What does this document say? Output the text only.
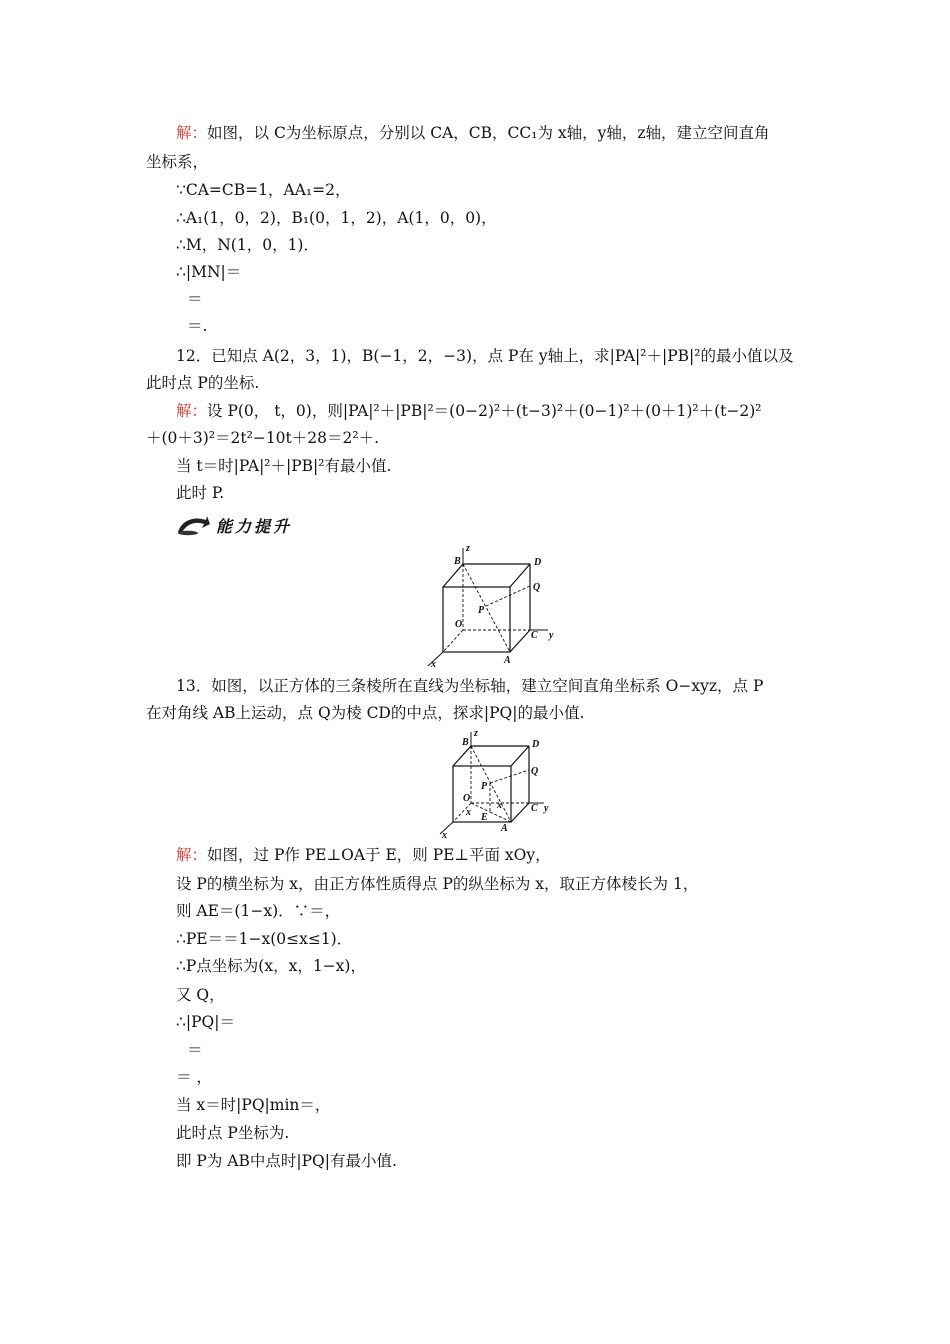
解：如图，以 C为坐标原点，分别以 CA，CB，CC₁为 x轴，y轴，z轴，建立空间直角
坐标系，
∵CA=CB=1，AA₁=2，
∴A₁(1，0，2)，B₁(0，1，2)，A(1，0，0)，
∴M，N(1，0，1)．
∴|MN|＝
＝
＝.
12．已知点 A(2，3，1)，B(−1，2，−3)，点 P在 y轴上，求|PA|²＋|PB|²的最小值以及
此时点 P的坐标.
解：设 P(0， t，0)，则|PA|²＋|PB|²＝(0−2)²＋(t−3)²＋(0−1)²＋(0＋1)²＋(t−2)²
＋(0＋3)²＝2t²−10t＋28＝2²＋.
当 t＝时|PA|²＋|PB|²有最小值.
此时 P.
能力提升
B
z
D
Q
P
O
C y
A
x
13．如图，以正方体的三条棱所在直线为坐标轴，建立空间直角坐标系 O−xyz，点 P
在对角线 AB上运动，点 Q为棱 CD的中点，探求|PQ|的最小值.
B
z
D
Q
P
O
C y
A
x
E
x
x
解：如图，过 P作 PE⊥OA于 E，则 PE⊥平面 xOy，
设 P的横坐标为 x，由正方体性质得点 P的纵坐标为 x，取正方体棱长为 1，
则 AE＝(1−x)．∵＝，
∴PE＝＝1−x(0≤x≤1)．
∴P点坐标为(x，x，1−x)，
又 Q，
∴|PQ|＝
＝
＝ ，
当 x＝时|PQ|min＝，
此时点 P坐标为.
即 P为 AB中点时|PQ|有最小值.
